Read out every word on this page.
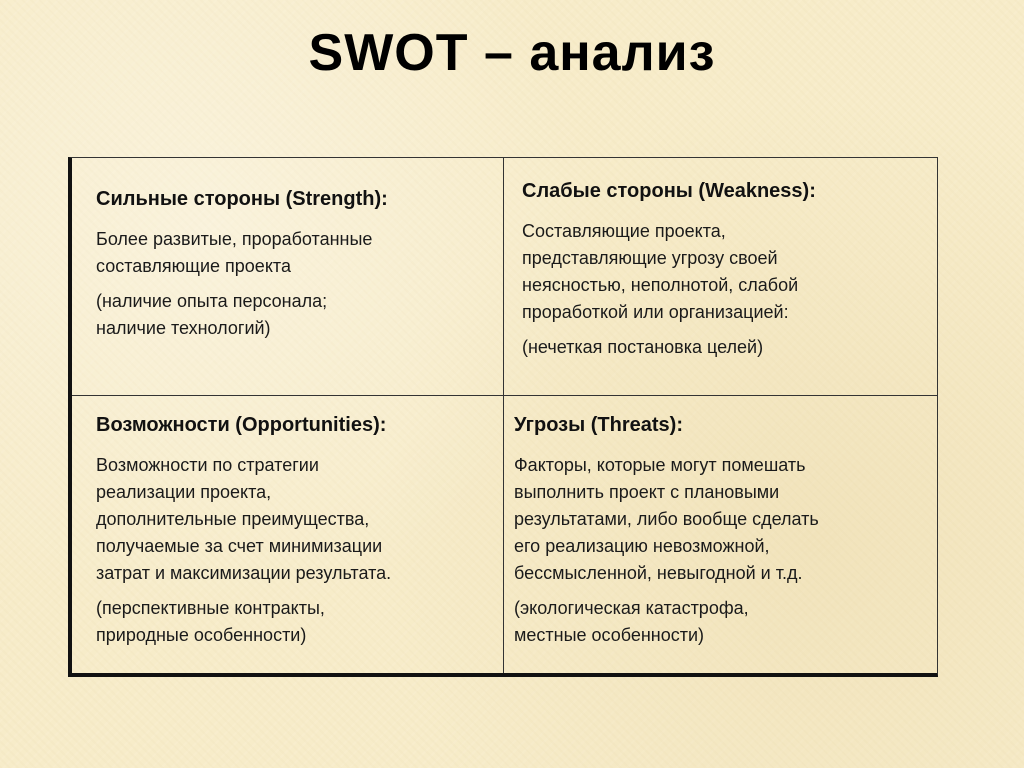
SWOT – анализ
Сильные стороны (Strength):
Более развитые, проработанные
составляющие проекта
(наличие опыта персонала;
наличие технологий)
Слабые стороны (Weakness):
Составляющие проекта,
представляющие угрозу своей
неясностью, неполнотой, слабой
проработкой или организацией:
(нечеткая постановка целей)
Возможности (Opportunities):
Возможности по стратегии
реализации проекта,
дополнительные преимущества,
получаемые за счет минимизации
затрат и максимизации результата.
(перспективные контракты,
природные особенности)
Угрозы (Threats):
Факторы, которые могут помешать
выполнить проект с плановыми
результатами, либо вообще сделать
его реализацию невозможной,
бессмысленной, невыгодной и т.д.
(экологическая катастрофа,
местные особенности)
